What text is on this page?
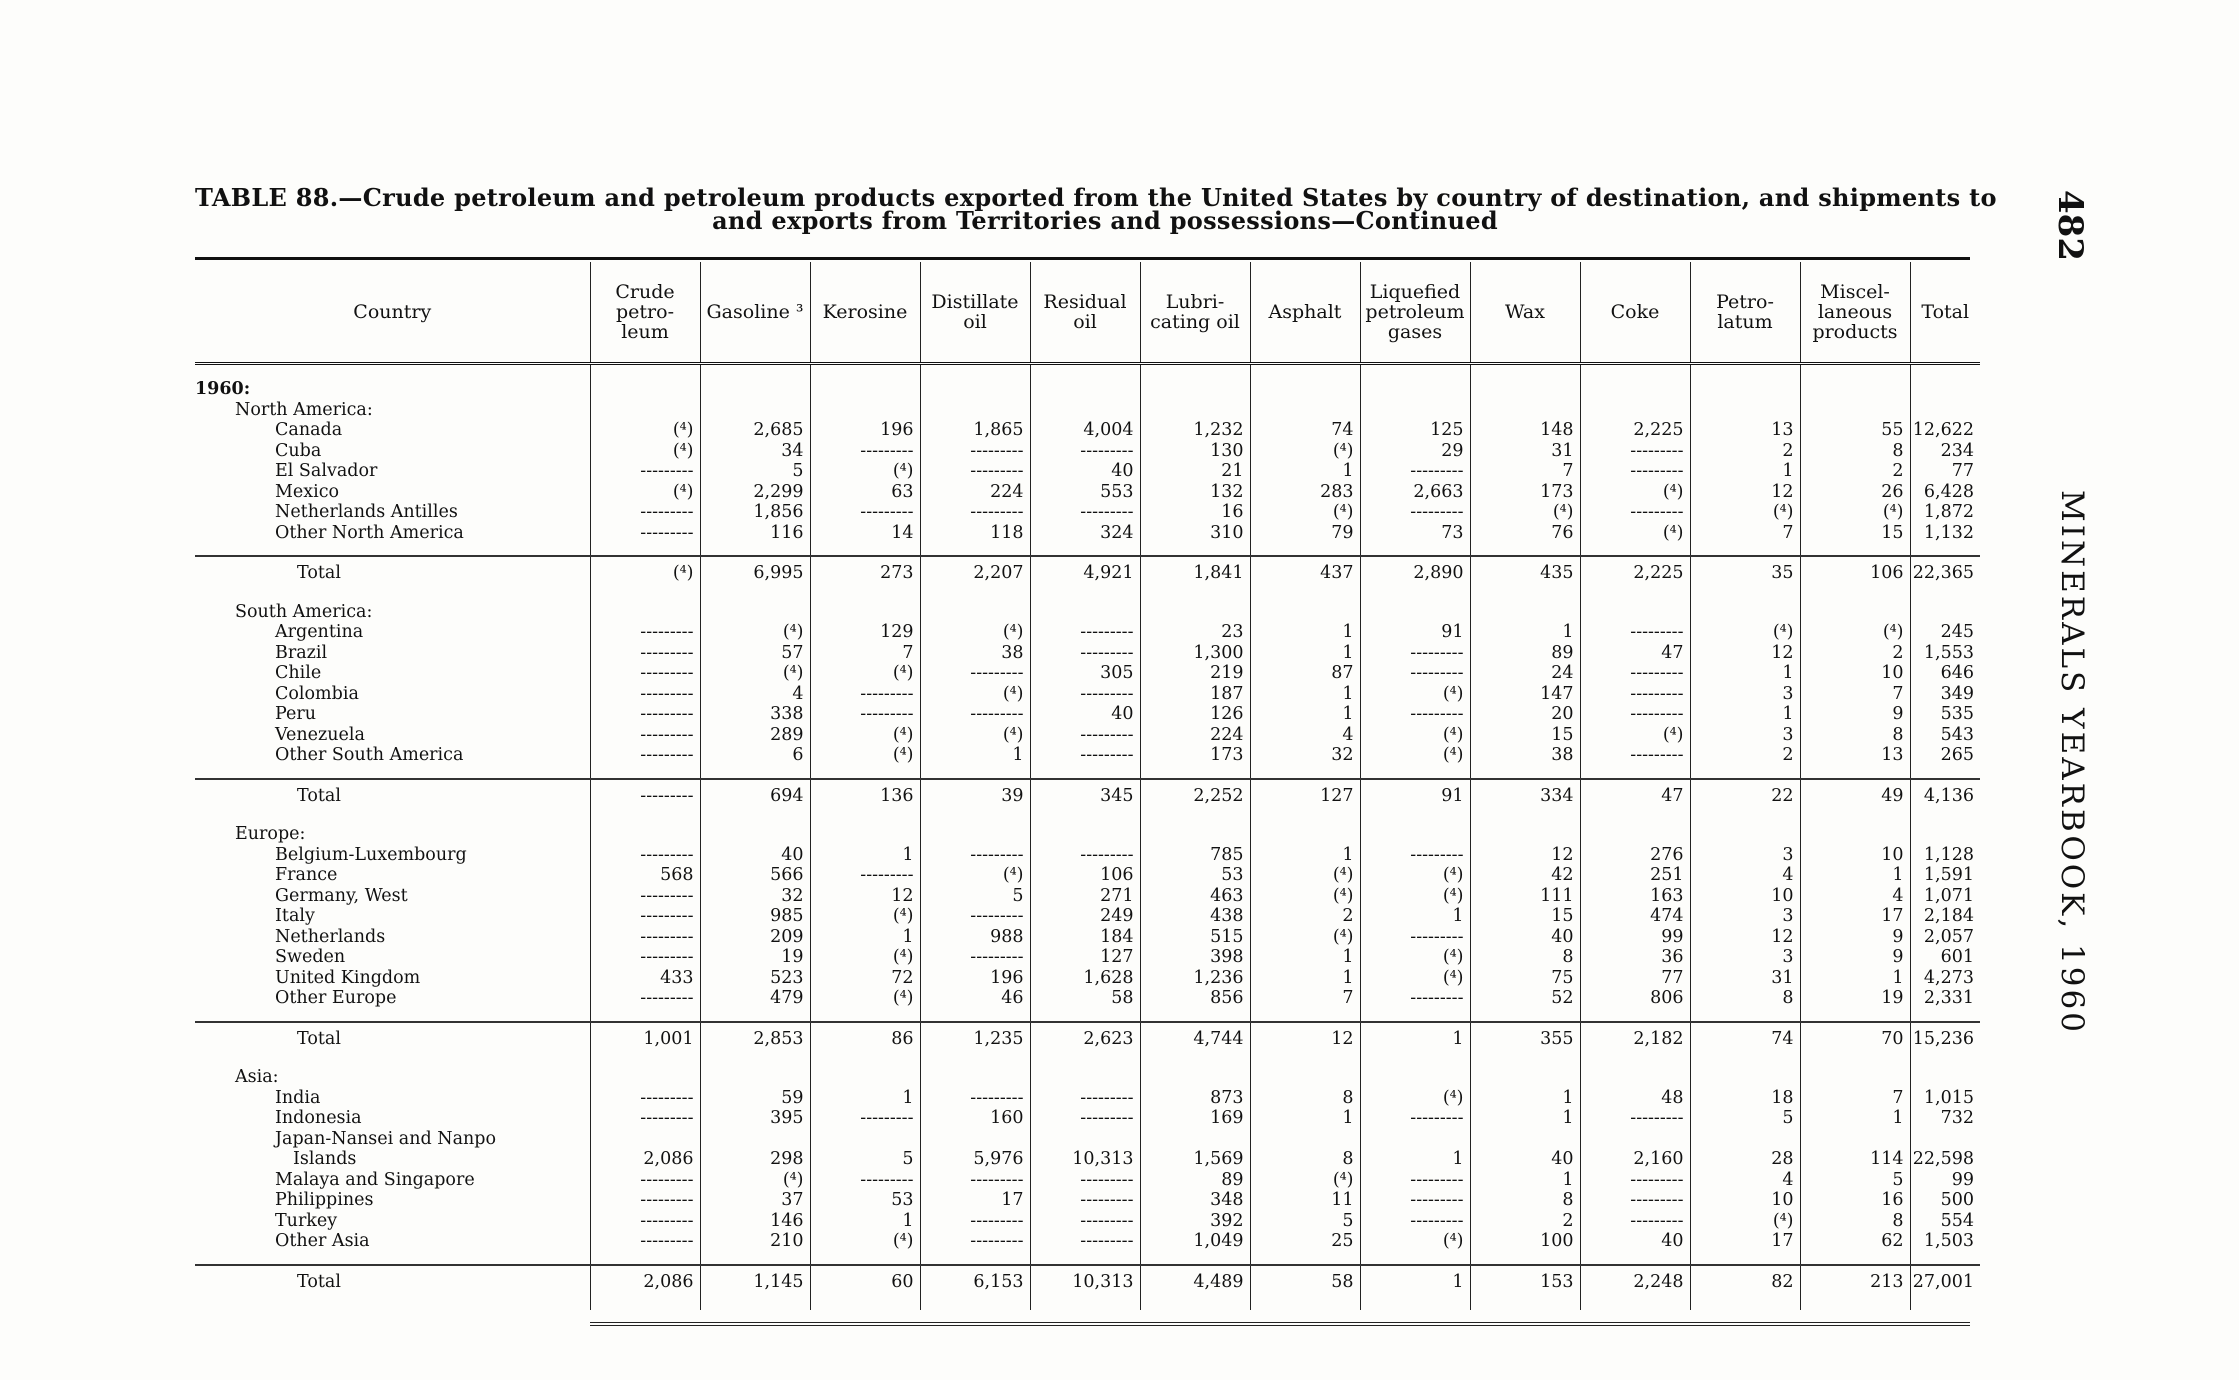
TABLE 88.—Crude petroleum and petroleum products exported from the United States by country of destination, and shipments to
and exports from Territories and possessions—Continued	482
MINERALS YEARBOOK, 1960
Country	Crude petro-leum	Gasoline ³	Kerosine	Distillate oil	Residual oil	Lubri-cating oil	Asphalt	Liquefied petroleum gases	Wax	Coke	Petro-latum	Miscel-laneous products	Total

1960:													
North America:													
Canada	(⁴)	2,685	196	1,865	4,004	1,232	74	125	148	2,225	13	55	12,622
Cuba	(⁴)	34	---------	---------	---------	130	(⁴)	29	31	---------	2	8	234
El Salvador	---------	5	(⁴)	---------	40	21	1	---------	7	---------	1	2	77
Mexico	(⁴)	2,299	63	224	553	132	283	2,663	173	(⁴)	12	26	6,428
Netherlands Antilles	---------	1,856	---------	---------	---------	16	(⁴)	---------	(⁴)	---------	(⁴)	(⁴)	1,872
Other North America	---------	116	14	118	324	310	79	73	76	(⁴)	7	15	1,132

Total	(⁴)	6,995	273	2,207	4,921	1,841	437	2,890	435	2,225	35	106	22,365

South America:													
Argentina	---------	(⁴)	129	(⁴)	---------	23	1	91	1	---------	(⁴)	(⁴)	245
Brazil	---------	57	7	38	---------	1,300	1	---------	89	47	12	2	1,553
Chile	---------	(⁴)	(⁴)	---------	305	219	87	---------	24	---------	1	10	646
Colombia	---------	4	---------	(⁴)	---------	187	1	(⁴)	147	---------	3	7	349
Peru	---------	338	---------	---------	40	126	1	---------	20	---------	1	9	535
Venezuela	---------	289	(⁴)	(⁴)	---------	224	4	(⁴)	15	(⁴)	3	8	543
Other South America	---------	6	(⁴)	1	---------	173	32	(⁴)	38	---------	2	13	265

Total	---------	694	136	39	345	2,252	127	91	334	47	22	49	4,136

Europe:													
Belgium-Luxembourg	---------	40	1	---------	---------	785	1	---------	12	276	3	10	1,128
France	568	566	---------	(⁴)	106	53	(⁴)	(⁴)	42	251	4	1	1,591
Germany, West	---------	32	12	5	271	463	(⁴)	(⁴)	111	163	10	4	1,071
Italy	---------	985	(⁴)	---------	249	438	2	1	15	474	3	17	2,184
Netherlands	---------	209	1	988	184	515	(⁴)	---------	40	99	12	9	2,057
Sweden	---------	19	(⁴)	---------	127	398	1	(⁴)	8	36	3	9	601
United Kingdom	433	523	72	196	1,628	1,236	1	(⁴)	75	77	31	1	4,273
Other Europe	---------	479	(⁴)	46	58	856	7	---------	52	806	8	19	2,331

Total	1,001	2,853	86	1,235	2,623	4,744	12	1	355	2,182	74	70	15,236

Asia:													
India	---------	59	1	---------	---------	873	8	(⁴)	1	48	18	7	1,015
Indonesia	---------	395	---------	160	---------	169	1	---------	1	---------	5	1	732
Japan-Nansei and Nanpo													
Islands	2,086	298	5	5,976	10,313	1,569	8	1	40	2,160	28	114	22,598
Malaya and Singapore	---------	(⁴)	---------	---------	---------	89	(⁴)	---------	1	---------	4	5	99
Philippines	---------	37	53	17	---------	348	11	---------	8	---------	10	16	500
Turkey	---------	146	1	---------	---------	392	5	---------	2	---------	(⁴)	8	554
Other Asia	---------	210	(⁴)	---------	---------	1,049	25	(⁴)	100	40	17	62	1,503

Total	2,086	1,145	60	6,153	10,313	4,489	58	1	153	2,248	82	213	27,001
